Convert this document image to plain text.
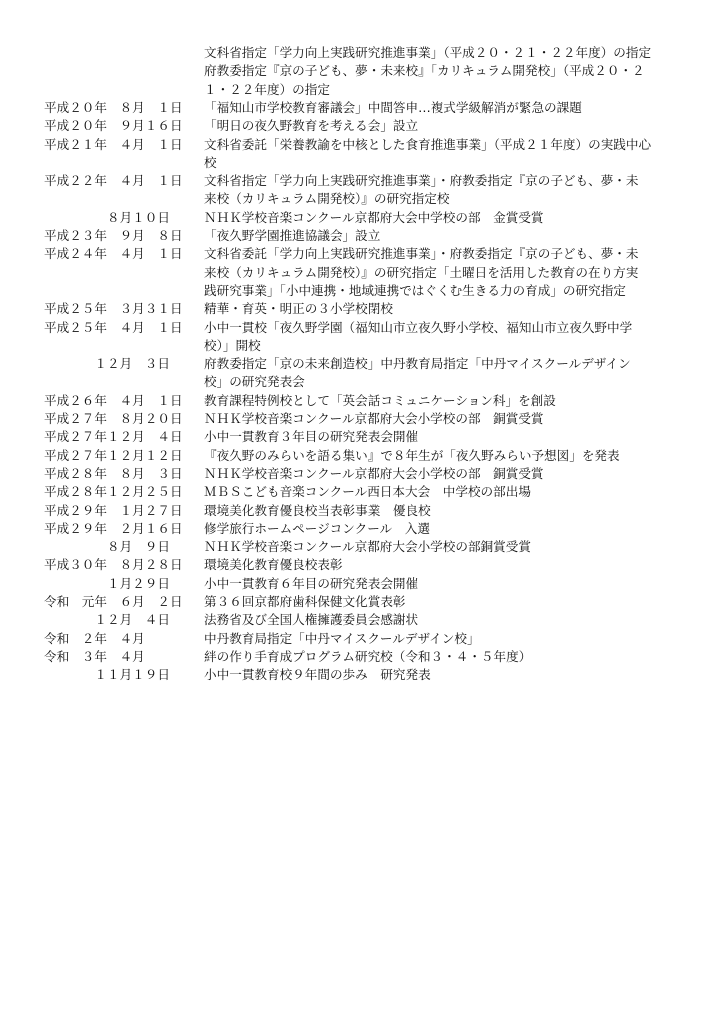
文科省指定「学力向上実践研究推進事業」（平成２０・２１・２２年度）の指定
府教委指定『京の子ども、夢・未来校』「カリキュラム開発校」（平成２０・２
１・２２年度）の指定
平成２０年　８月　１日	「福知山市学校教育審議会」中間答申…複式学級解消が緊急の課題
平成２０年　９月１６日	「明日の夜久野教育を考える会」設立
平成２１年　４月　１日	文科省委託「栄養教諭を中核とした食育推進事業」（平成２１年度）の実践中心
校
平成２２年　４月　１日	文科省指定「学力向上実践研究推進事業」・府教委指定『京の子ども、夢・未
来校（カリキュラム開発校）』の研究指定校
　　　　　８月１０日	ＮＨＫ学校音楽コンクール京都府大会中学校の部　金賞受賞
平成２３年　９月　８日	「夜久野学園推進協議会」設立
平成２４年　４月　１日	文科省委託「学力向上実践研究推進事業」・府教委指定『京の子ども、夢・未
来校（カリキュラム開発校）』の研究指定「土曜日を活用した教育の在り方実
践研究事業」「小中連携・地域連携ではぐくむ生きる力の育成」の研究指定
平成２５年　３月３１日	精華・育英・明正の３小学校閉校
平成２５年　４月　１日	小中一貫校「夜久野学園（福知山市立夜久野小学校、福知山市立夜久野中学
校）」開校
　　　　１２月　３日	府教委指定「京の未来創造校」中丹教育局指定「中丹マイスクールデザイン
校」の研究発表会
平成２６年　４月　１日	教育課程特例校として「英会話コミュニケーション科」を創設
平成２７年　８月２０日	ＮＨＫ学校音楽コンクール京都府大会小学校の部　銅賞受賞
平成２７年１２月　４日	小中一貫教育３年目の研究発表会開催
平成２７年１２月１２日	『夜久野のみらいを語る集い』で８年生が「夜久野みらい予想図」を発表
平成２８年　８月　３日	ＮＨＫ学校音楽コンクール京都府大会小学校の部　銅賞受賞
平成２８年１２月２５日	ＭＢＳこども音楽コンクール西日本大会　中学校の部出場
平成２９年　１月２７日	環境美化教育優良校当表彰事業　優良校
平成２９年　２月１６日	修学旅行ホームページコンクール　入選
　　　　　８月　９日	ＮＨＫ学校音楽コンクール京都府大会小学校の部銅賞受賞
平成３０年　８月２８日	環境美化教育優良校表彰
　　　　　１月２９日	小中一貫教育６年目の研究発表会開催
令和　元年　６月　２日	第３６回京都府歯科保健文化賞表彰
　　　　１２月　４日	法務省及び全国人権擁護委員会感謝状
令和　２年　４月	中丹教育局指定「中丹マイスクールデザイン校」
令和　３年　４月	絆の作り手育成プログラム研究校（令和３・４・５年度）
　　　　１１月１９日	小中一貫教育校９年間の歩み　研究発表
